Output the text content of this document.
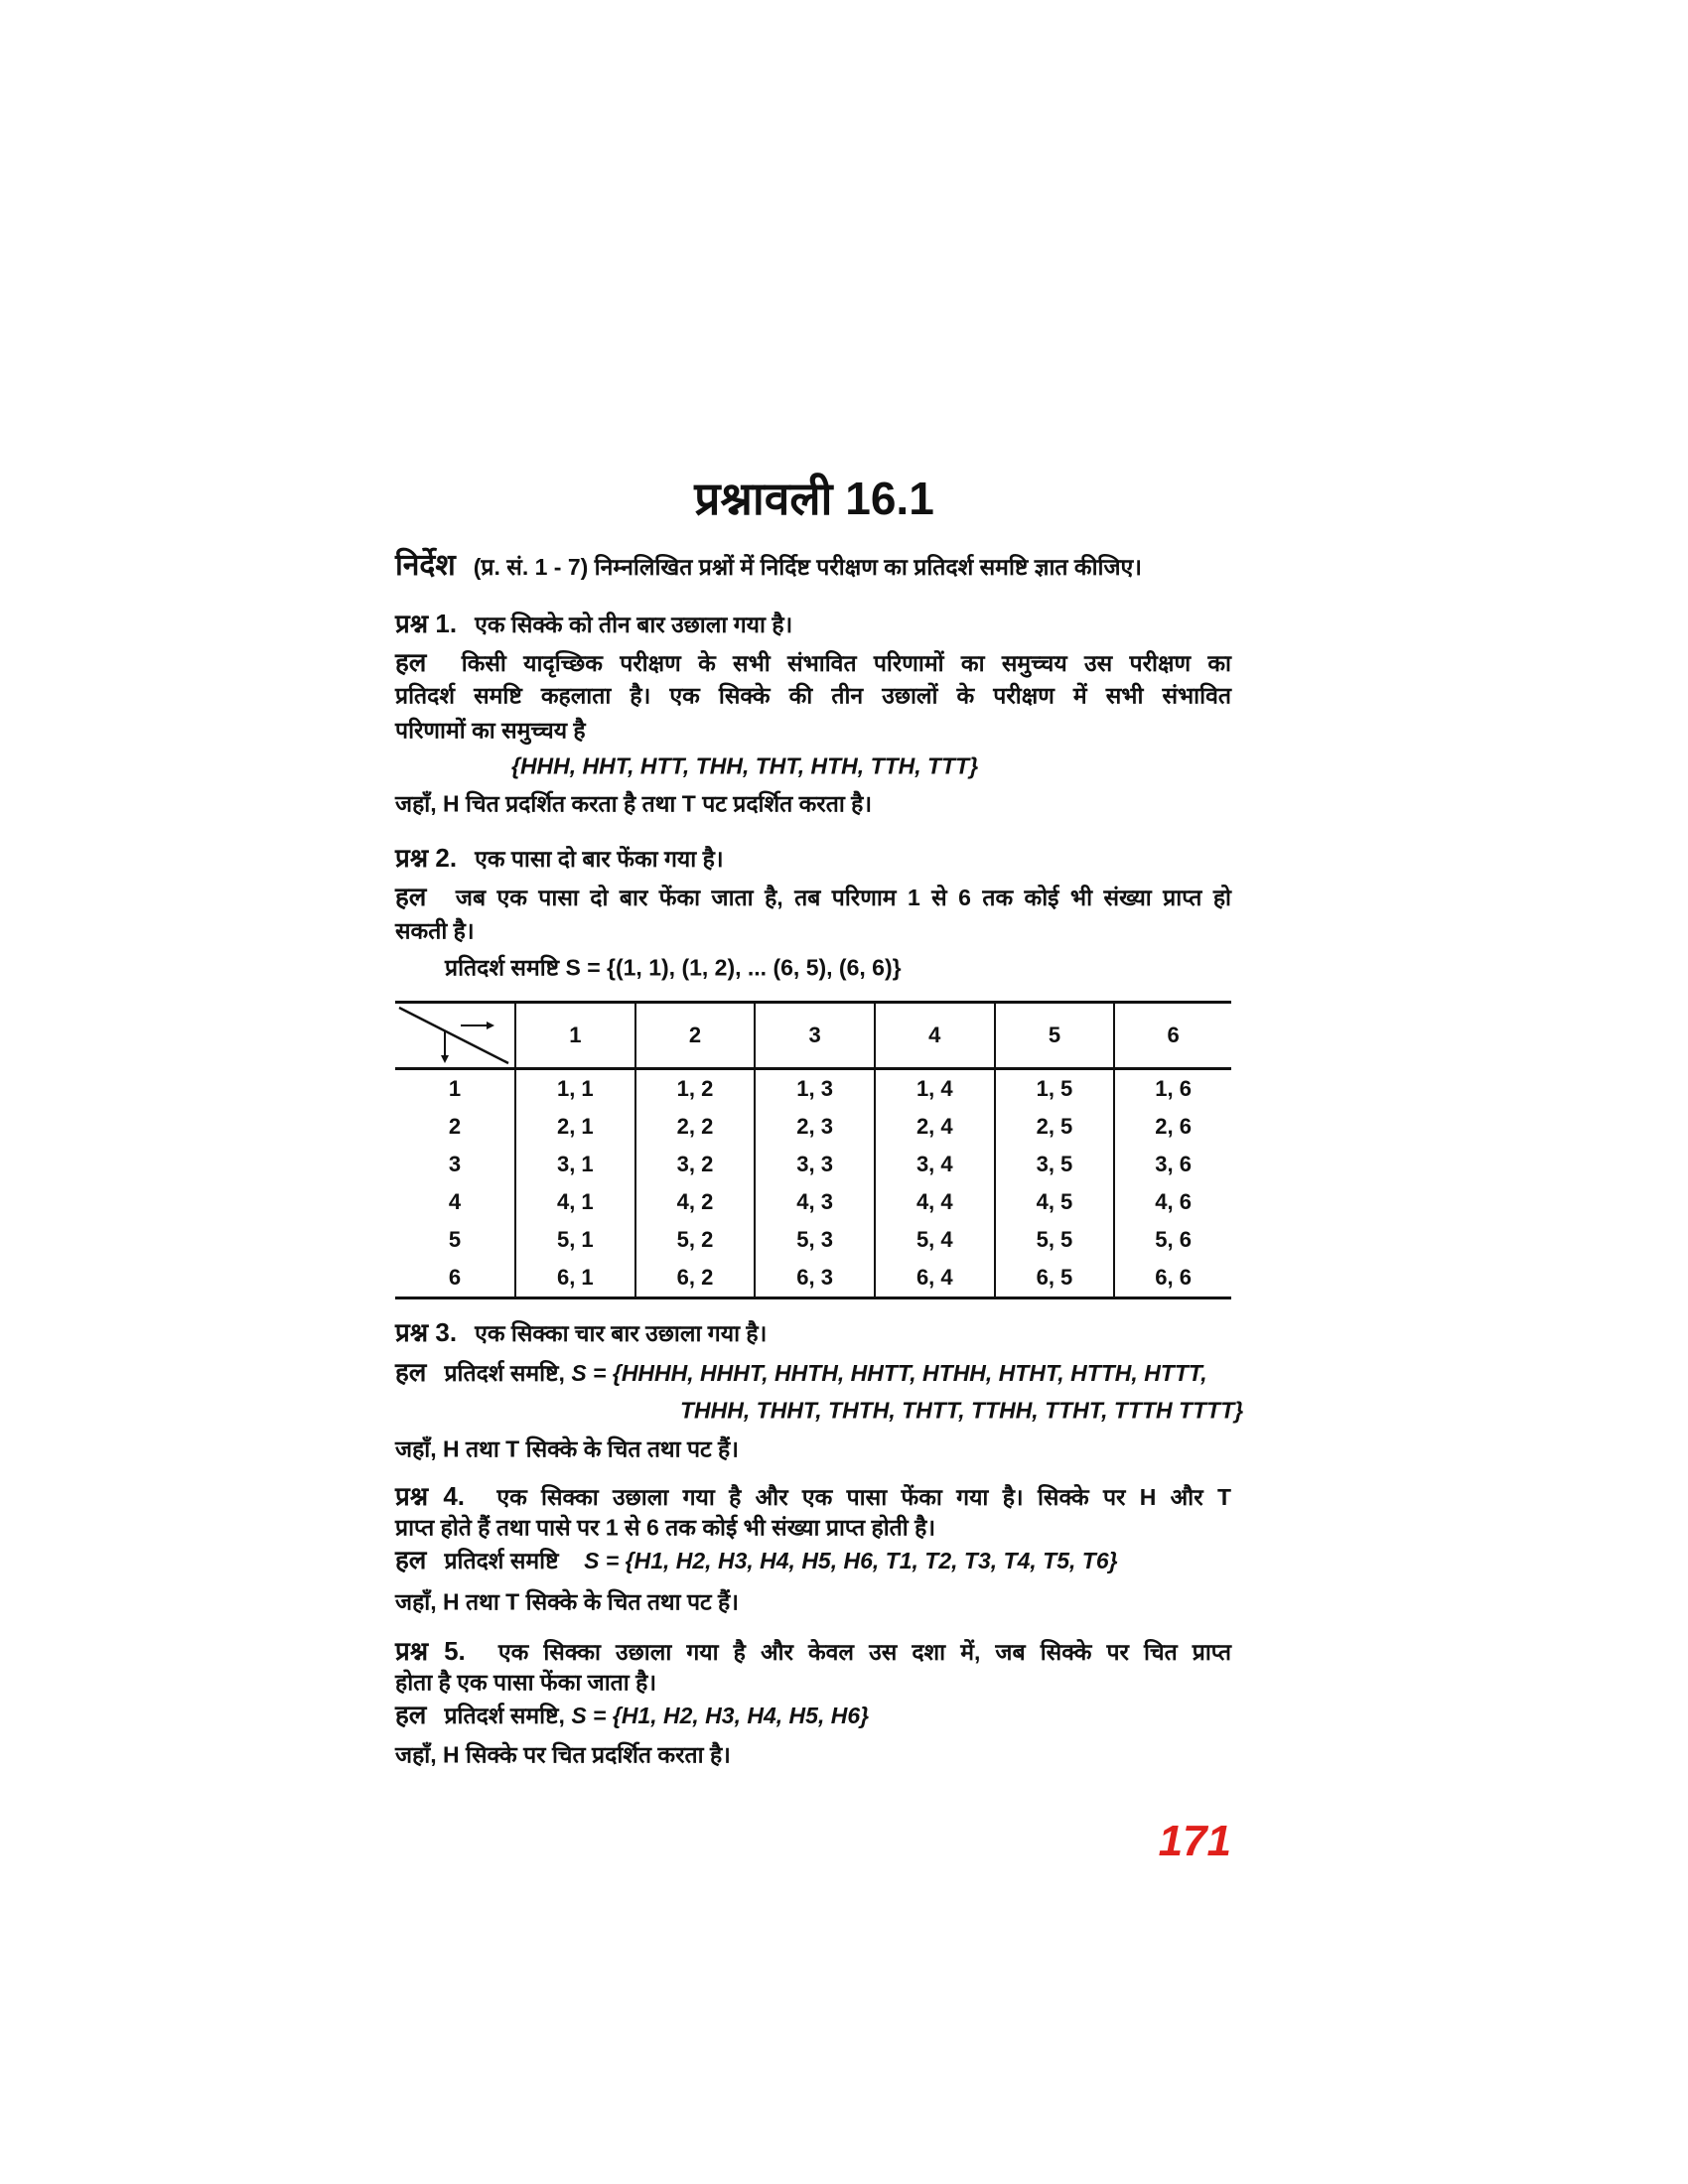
प्रश्नावली 16.1
निर्देश (प्र. सं. 1 - 7) निम्नलिखित प्रश्नों में निर्दिष्ट परीक्षण का प्रतिदर्श समष्टि ज्ञात कीजिए।
प्रश्न 1. एक सिक्के को तीन बार उछाला गया है।
हल किसी यादृच्छिक परीक्षण के सभी संभावित परिणामों का समुच्चय उस परीक्षण का
प्रतिदर्श समष्टि कहलाता है। एक सिक्के की तीन उछालों के परीक्षण में सभी संभावित
परिणामों का समुच्चय है
{HHH, HHT, HTT, THH, THT, HTH, TTH, TTT}
जहाँ, H चित प्रदर्शित करता है तथा T पट प्रदर्शित करता है।
प्रश्न 2. एक पासा दो बार फेंका गया है।
हल जब एक पासा दो बार फेंका जाता है, तब परिणाम 1 से 6 तक कोई भी संख्या प्राप्त हो
सकती है।
प्रतिदर्श समष्टि S = {(1, 1), (1, 2), ... (6, 5), (6, 6)}
	1	2	3	4	5	6
1	1, 1	1, 2	1, 3	1, 4	1, 5	1, 6
2	2, 1	2, 2	2, 3	2, 4	2, 5	2, 6
3	3, 1	3, 2	3, 3	3, 4	3, 5	3, 6
4	4, 1	4, 2	4, 3	4, 4	4, 5	4, 6
5	5, 1	5, 2	5, 3	5, 4	5, 5	5, 6
6	6, 1	6, 2	6, 3	6, 4	6, 5	6, 6
प्रश्न 3. एक सिक्का चार बार उछाला गया है।
हल प्रतिदर्श समष्टि, S = {HHHH, HHHT, HHTH, HHTT, HTHH, HTHT, HTTH, HTTT,
THHH, THHT, THTH, THTT, TTHH, TTHT, TTTH TTTT}
जहाँ, H तथा T सिक्के के चित तथा पट हैं।
प्रश्न 4. एक सिक्का उछाला गया है और एक पासा फेंका गया है। सिक्के पर H और T
प्राप्त होते हैं तथा पासे पर 1 से 6 तक कोई भी संख्या प्राप्त होती है।
हल प्रतिदर्श समष्टि S = {H1, H2, H3, H4, H5, H6, T1, T2, T3, T4, T5, T6}
जहाँ, H तथा T सिक्के के चित तथा पट हैं।
प्रश्न 5. एक सिक्का उछाला गया है और केवल उस दशा में, जब सिक्के पर चित प्राप्त
होता है एक पासा फेंका जाता है।
हल प्रतिदर्श समष्टि, S = {H1, H2, H3, H4, H5, H6}
जहाँ, H सिक्के पर चित प्रदर्शित करता है।
171
